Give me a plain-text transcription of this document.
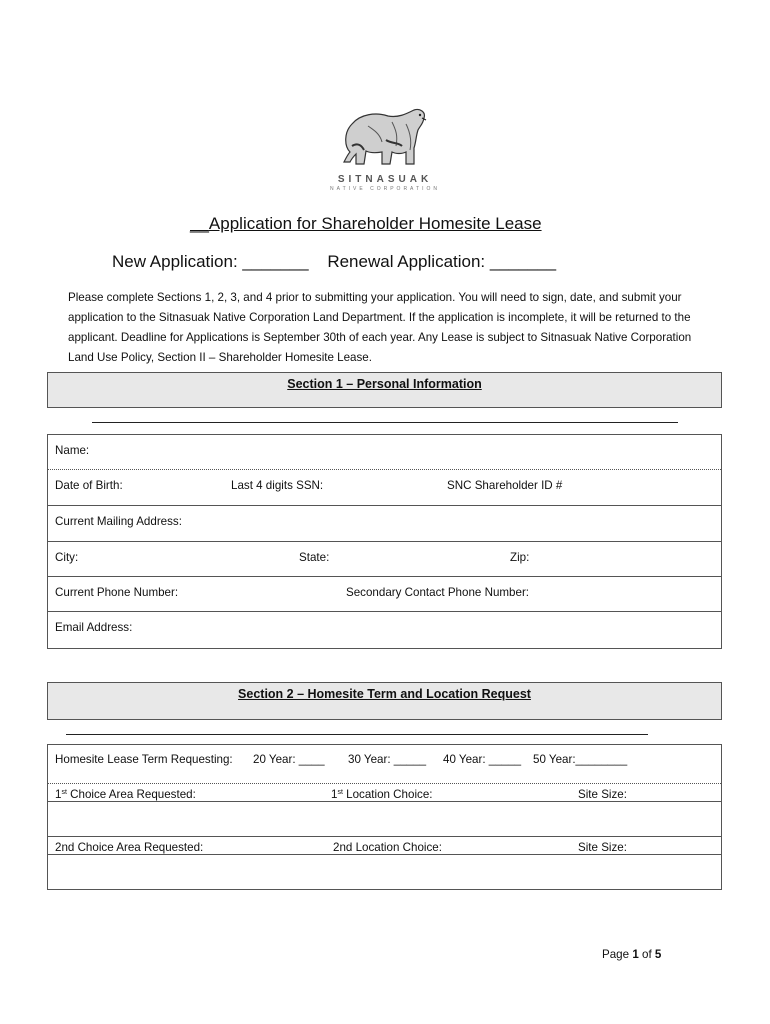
SITNASUAK
NATIVE CORPORATION
__Application for Shareholder Homesite Lease
New Application: _______ Renewal Application: _______
Please complete Sections 1, 2, 3, and 4 prior to submitting your application. You will need to sign, date, and submit your application to the Sitnasuak Native Corporation Land Department. If the application is incomplete, it will be returned to the applicant. Deadline for Applications is September 30th of each year. Any Lease is subject to Sitnasuak Native Corporation Land Use Policy, Section II – Shareholder Homesite Lease.
Section 1 – Personal Information
Name:
Date of Birth:	Last 4 digits SSN:	SNC Shareholder ID #
Current Mailing Address:
City:	State:	Zip:
Current Phone Number:	Secondary Contact Phone Number:
Email Address:
Section 2 – Homesite Term and Location Request
Homesite Lease Term Requesting: 20 Year: ____ 30 Year: _____ 40 Year: _____ 50 Year:________
1st Choice Area Requested:	1st Location Choice:	Site Size:
2nd Choice Area Requested:	2nd Location Choice:	Site Size:
Page 1 of 5
